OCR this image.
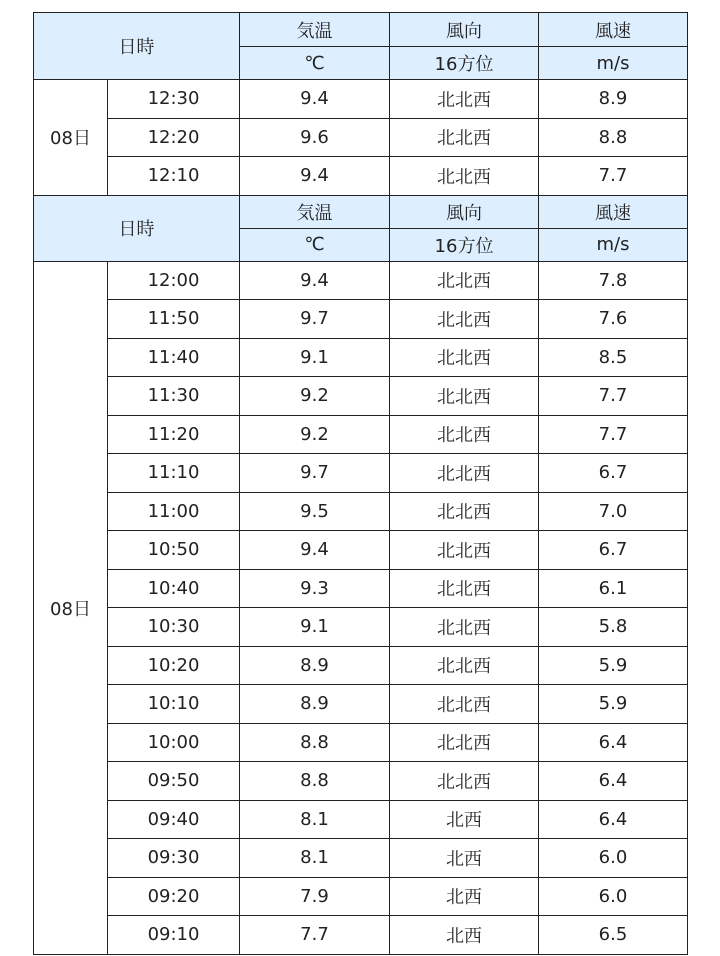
日時		気温	風向	風速
		℃	16方位	m/s
08日	12:30	9.4	北北西	8.9
	12:20	9.6	北北西	8.8
	12:10	9.4	北北西	7.7
日時		気温	風向	風速
		℃	16方位	m/s
08日	12:00	9.4	北北西	7.8
	11:50	9.7	北北西	7.6
	11:40	9.1	北北西	8.5
	11:30	9.2	北北西	7.7
	11:20	9.2	北北西	7.7
	11:10	9.7	北北西	6.7
	11:00	9.5	北北西	7.0
	10:50	9.4	北北西	6.7
	10:40	9.3	北北西	6.1
	10:30	9.1	北北西	5.8
	10:20	8.9	北北西	5.9
	10:10	8.9	北北西	5.9
	10:00	8.8	北北西	6.4
	09:50	8.8	北北西	6.4
	09:40	8.1	北西	6.4
	09:30	8.1	北西	6.0
	09:20	7.9	北西	6.0
	09:10	7.7	北西	6.5
